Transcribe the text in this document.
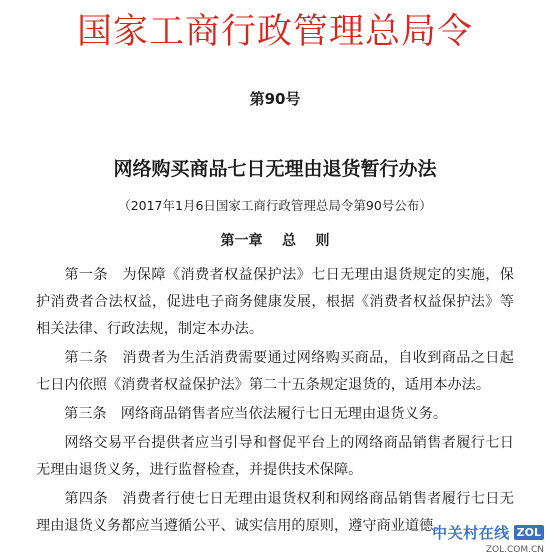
国家工商行政管理总局令
第90号
网络购买商品七日无理由退货暂行办法
（2017年1月6日国家工商行政管理总局令第90号公布）
第一章    总    则
第一条　为保障《消费者权益保护法》七日无理由退货规定的实施，保护消费者合法权益，促进电子商务健康发展，根据《消费者权益保护法》等相关法律、行政法规，制定本办法。
第二条　消费者为生活消费需要通过网络购买商品，自收到商品之日起七日内依照《消费者权益保护法》第二十五条规定退货的，适用本办法。
第三条　网络商品销售者应当依法履行七日无理由退货义务。
网络交易平台提供者应当引导和督促平台上的网络商品销售者履行七日无理由退货义务，进行监督检查，并提供技术保障。
第四条　消费者行使七日无理由退货权利和网络商品销售者履行七日无理由退货义务都应当遵循公平、诚实信用的原则，遵守商业道德。
中关村在线 ZOL
ZOL.COM.CN
